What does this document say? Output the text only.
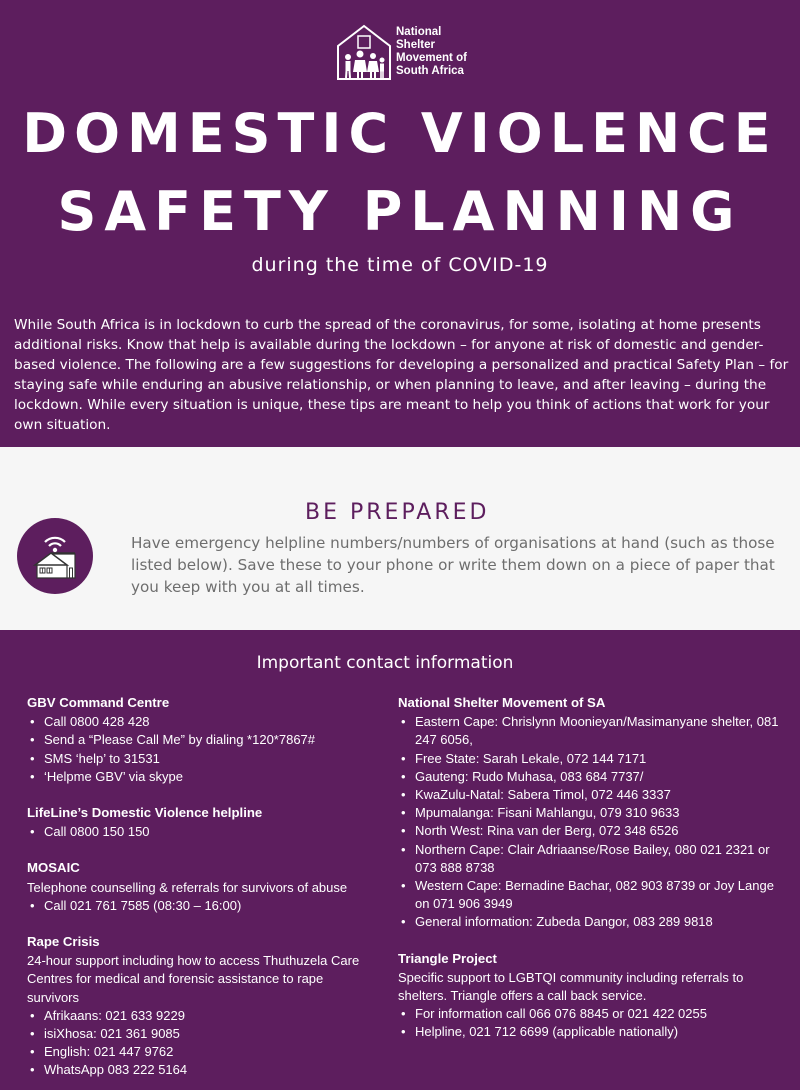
National
Shelter
Movement of
South Africa
DOMESTIC VIOLENCE
SAFETY PLANNING
during the time of COVID-19

While South Africa is in lockdown to curb the spread of the coronavirus, for some, isolating at home presents additional risks. Know that help is available during the lockdown – for anyone at risk of domestic and gender-based violence. The following are a few suggestions for developing a personalized and practical Safety Plan – for staying safe while enduring an abusive relationship, or when planning to leave, and after leaving – during the lockdown. While every situation is unique, these tips are meant to help you think of actions that work for your own situation.

BE PREPARED

Have emergency helpline numbers/numbers of organisations at hand (such as those listed below). Save these to your phone or write them down on a piece of paper that you keep with you at all times.

Important contact information
GBV Command Centre
• Call 0800 428 428
• Send a “Please Call Me” by dialing *120*7867#
• SMS ‘help’ to 31531
• ‘Helpme GBV’ via skype
LifeLine’s Domestic Violence helpline
• Call 0800 150 150
MOSAIC
Telephone counselling & referrals for survivors of abuse
• Call 021 761 7585 (08:30 – 16:00)
Rape Crisis
24-hour support including how to access Thuthuzela Care Centres for medical and forensic assistance to rape survivors
• Afrikaans: 021 633 9229
• isiXhosa: 021 361 9085
• English: 021 447 9762
• WhatsApp 083 222 5164
National Shelter Movement of SA
• Eastern Cape: Chrislynn Moonieyan/Masimanyane shelter, 081 247 6056,
• Free State: Sarah Lekale, 072 144 7171
• Gauteng: Rudo Muhasa, 083 684 7737/
• KwaZulu-Natal: Sabera Timol, 072 446 3337
• Mpumalanga: Fisani Mahlangu, 079 310 9633
• North West: Rina van der Berg, 072 348 6526
• Northern Cape: Clair Adriaanse/Rose Bailey, 080 021 2321 or 073 888 8738
• Western Cape: Bernadine Bachar, 082 903 8739 or Joy Lange on 071 906 3949
• General information: Zubeda Dangor, 083 289 9818
Triangle Project
Specific support to LGBTQI community including referrals to shelters. Triangle offers a call back service.
• For information call 066 076 8845 or 021 422 0255
• Helpline, 021 712 6699 (applicable nationally)
